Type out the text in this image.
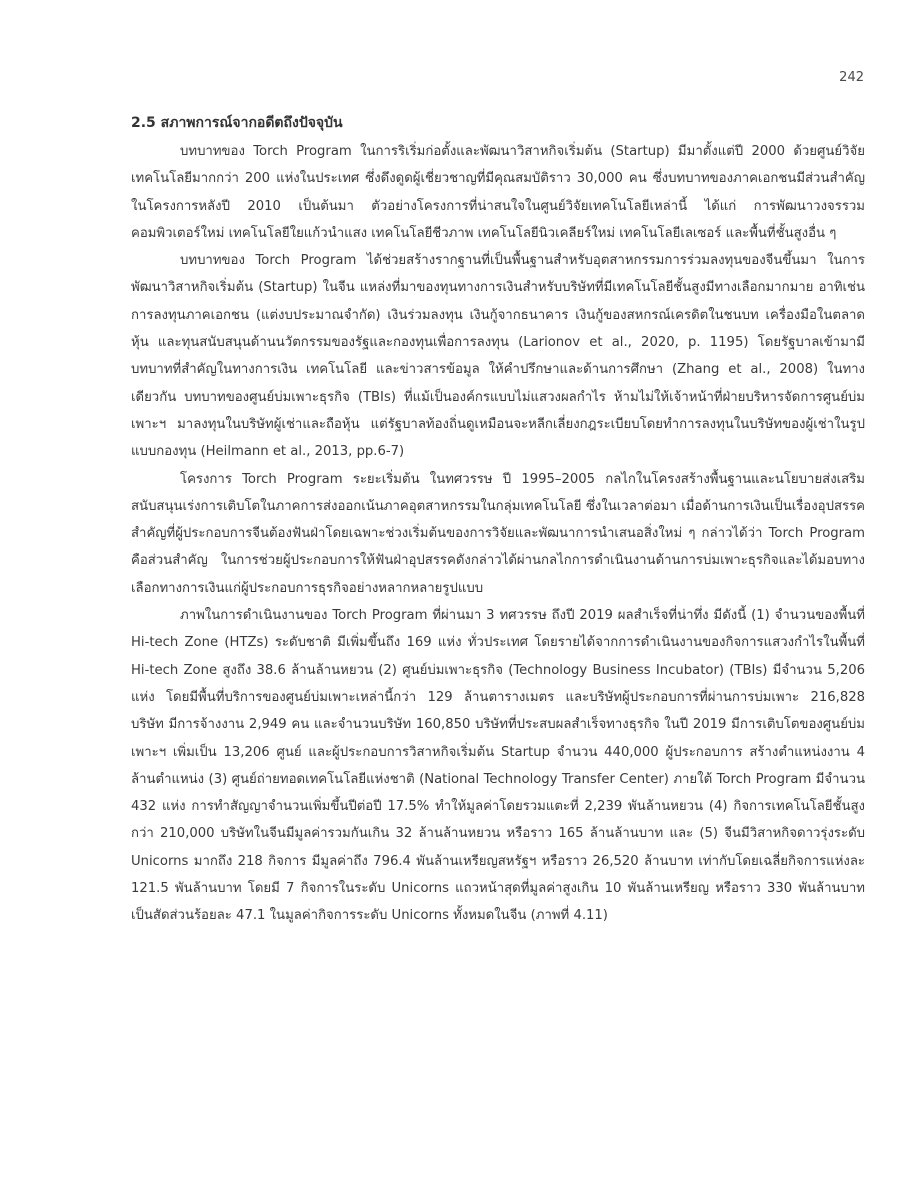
242
2.5 สภาพการณ์จากอดีตถึงปัจจุบัน

บทบาทของ Torch Program ในการริเริ่มก่อตั้งและพัฒนาวิสาหกิจเริ่มต้น (Startup) มีมาตั้งแต่ปี 2000 ด้วยศูนย์วิจัยเทคโนโลยีมากกว่า 200 แห่งในประเทศ ซึ่งดึงดูดผู้เชี่ยวชาญที่มีคุณสมบัติราว 30,000 คน ซึ่งบทบาทของภาคเอกชนมีส่วนสำคัญในโครงการหลังปี 2010 เป็นต้นมา ตัวอย่างโครงการที่น่าสนใจในศูนย์วิจัยเทคโนโลยีเหล่านี้ ได้แก่ การพัฒนาวงจรรวม คอมพิวเตอร์ใหม่ เทคโนโลยีใยแก้วนำแสง เทคโนโลยีชีวภาพ เทคโนโลยีนิวเคลียร์ใหม่ เทคโนโลยีเลเซอร์ และพื้นที่ชั้นสูงอื่น ๆ

บทบาทของ Torch Program ได้ช่วยสร้างรากฐานที่เป็นพื้นฐานสำหรับอุตสาหกรรมการร่วมลงทุนของจีนขึ้นมา ในการพัฒนาวิสาหกิจเริ่มต้น (Startup) ในจีน แหล่งที่มาของทุนทางการเงินสำหรับบริษัทที่มีเทคโนโลยีชั้นสูงมีทางเลือกมากมาย อาทิเช่น การลงทุนภาคเอกชน (แต่งบประมาณจำกัด) เงินร่วมลงทุน เงินกู้จากธนาคาร เงินกู้ของสหกรณ์เครดิตในชนบท เครื่องมือในตลาดหุ้น และทุนสนับสนุนด้านนวัตกรรมของรัฐและกองทุนเพื่อการลงทุน (Larionov et al., 2020, p. 1195) โดยรัฐบาลเข้ามามีบทบาทที่สำคัญในทางการเงิน เทคโนโลยี และข่าวสารข้อมูล ให้คำปรึกษาและด้านการศึกษา (Zhang et al., 2008) ในทางเดียวกัน บทบาทของศูนย์บ่มเพาะธุรกิจ (TBIs) ที่แม้เป็นองค์กรแบบไม่แสวงผลกำไร ห้ามไม่ให้เจ้าหน้าที่ฝ่ายบริหารจัดการศูนย์บ่มเพาะฯ มาลงทุนในบริษัทผู้เช่าและถือหุ้น แต่รัฐบาลท้องถิ่นดูเหมือนจะหลีกเลี่ยงกฎระเบียบโดยทำการลงทุนในบริษัทของผู้เช่าในรูปแบบกองทุน (Heilmann et al., 2013, pp.6-7)

โครงการ Torch Program ระยะเริ่มต้น ในทศวรรษ ปี 1995–2005 กลไกในโครงสร้างพื้นฐานและนโยบายส่งเสริมสนับสนุนเร่งการเติบโตในภาคการส่งออกเน้นภาคอุตสาหกรรมในกลุ่มเทคโนโลยี ซึ่งในเวลาต่อมา เมื่อด้านการเงินเป็นเรื่องอุปสรรคสำคัญที่ผู้ประกอบการจีนต้องฟันฝ่าโดยเฉพาะช่วงเริ่มต้นของการวิจัยและพัฒนาการนำเสนอสิ่งใหม่ ๆ กล่าวได้ว่า Torch Program คือส่วนสำคัญ ในการช่วยผู้ประกอบการให้ฟันฝ่าอุปสรรคดังกล่าวได้ผ่านกลไกการดำเนินงานด้านการบ่มเพาะธุรกิจและได้มอบทางเลือกทางการเงินแก่ผู้ประกอบการธุรกิจอย่างหลากหลายรูปแบบ

ภาพในการดำเนินงานของ Torch Program ที่ผ่านมา 3 ทศวรรษ ถึงปี 2019 ผลสำเร็จที่น่าทึ่ง มีดังนี้ (1) จำนวนของพื้นที่ Hi-tech Zone (HTZs) ระดับชาติ มีเพิ่มขึ้นถึง 169 แห่ง ทั่วประเทศ โดยรายได้จากการดำเนินงานของกิจการแสวงกำไรในพื้นที่ Hi-tech Zone สูงถึง 38.6 ล้านล้านหยวน (2) ศูนย์บ่มเพาะธุรกิจ (Technology Business Incubator) (TBIs) มีจำนวน 5,206 แห่ง โดยมีพื้นที่บริการของศูนย์บ่มเพาะเหล่านี้กว่า 129 ล้านตารางเมตร และบริษัทผู้ประกอบการที่ผ่านการบ่มเพาะ 216,828 บริษัท มีการจ้างงาน 2,949 คน และจำนวนบริษัท 160,850 บริษัทที่ประสบผลสำเร็จทางธุรกิจ ในปี 2019 มีการเติบโตของศูนย์บ่มเพาะฯ เพิ่มเป็น 13,206 ศูนย์ และผู้ประกอบการวิสาหกิจเริ่มต้น Startup จำนวน 440,000 ผู้ประกอบการ สร้างตำแหน่งงาน 4 ล้านตำแหน่ง (3) ศูนย์ถ่ายทอดเทคโนโลยีแห่งชาติ (National Technology Transfer Center) ภายใต้ Torch Program มีจำนวน 432 แห่ง การทำสัญญาจำนวนเพิ่มขึ้นปีต่อปี 17.5% ทำให้มูลค่าโดยรวมแตะที่ 2,239 พันล้านหยวน (4) กิจการเทคโนโลยีชั้นสูงกว่า 210,000 บริษัทในจีนมีมูลค่ารวมกันเกิน 32 ล้านล้านหยวน หรือราว 165 ล้านล้านบาท และ (5) จีนมีวิสาหกิจดาวรุ่งระดับ Unicorns มากถึง 218 กิจการ มีมูลค่าถึง 796.4 พันล้านเหรียญสหรัฐฯ หรือราว 26,520 ล้านบาท เท่ากับโดยเฉลี่ยกิจการแห่งละ 121.5 พันล้านบาท โดยมี 7 กิจการในระดับ Unicorns แถวหน้าสุดที่มูลค่าสูงเกิน 10 พันล้านเหรียญ หรือราว 330 พันล้านบาท เป็นสัดส่วนร้อยละ 47.1 ในมูลค่ากิจการระดับ Unicorns ทั้งหมดในจีน (ภาพที่ 4.11)
